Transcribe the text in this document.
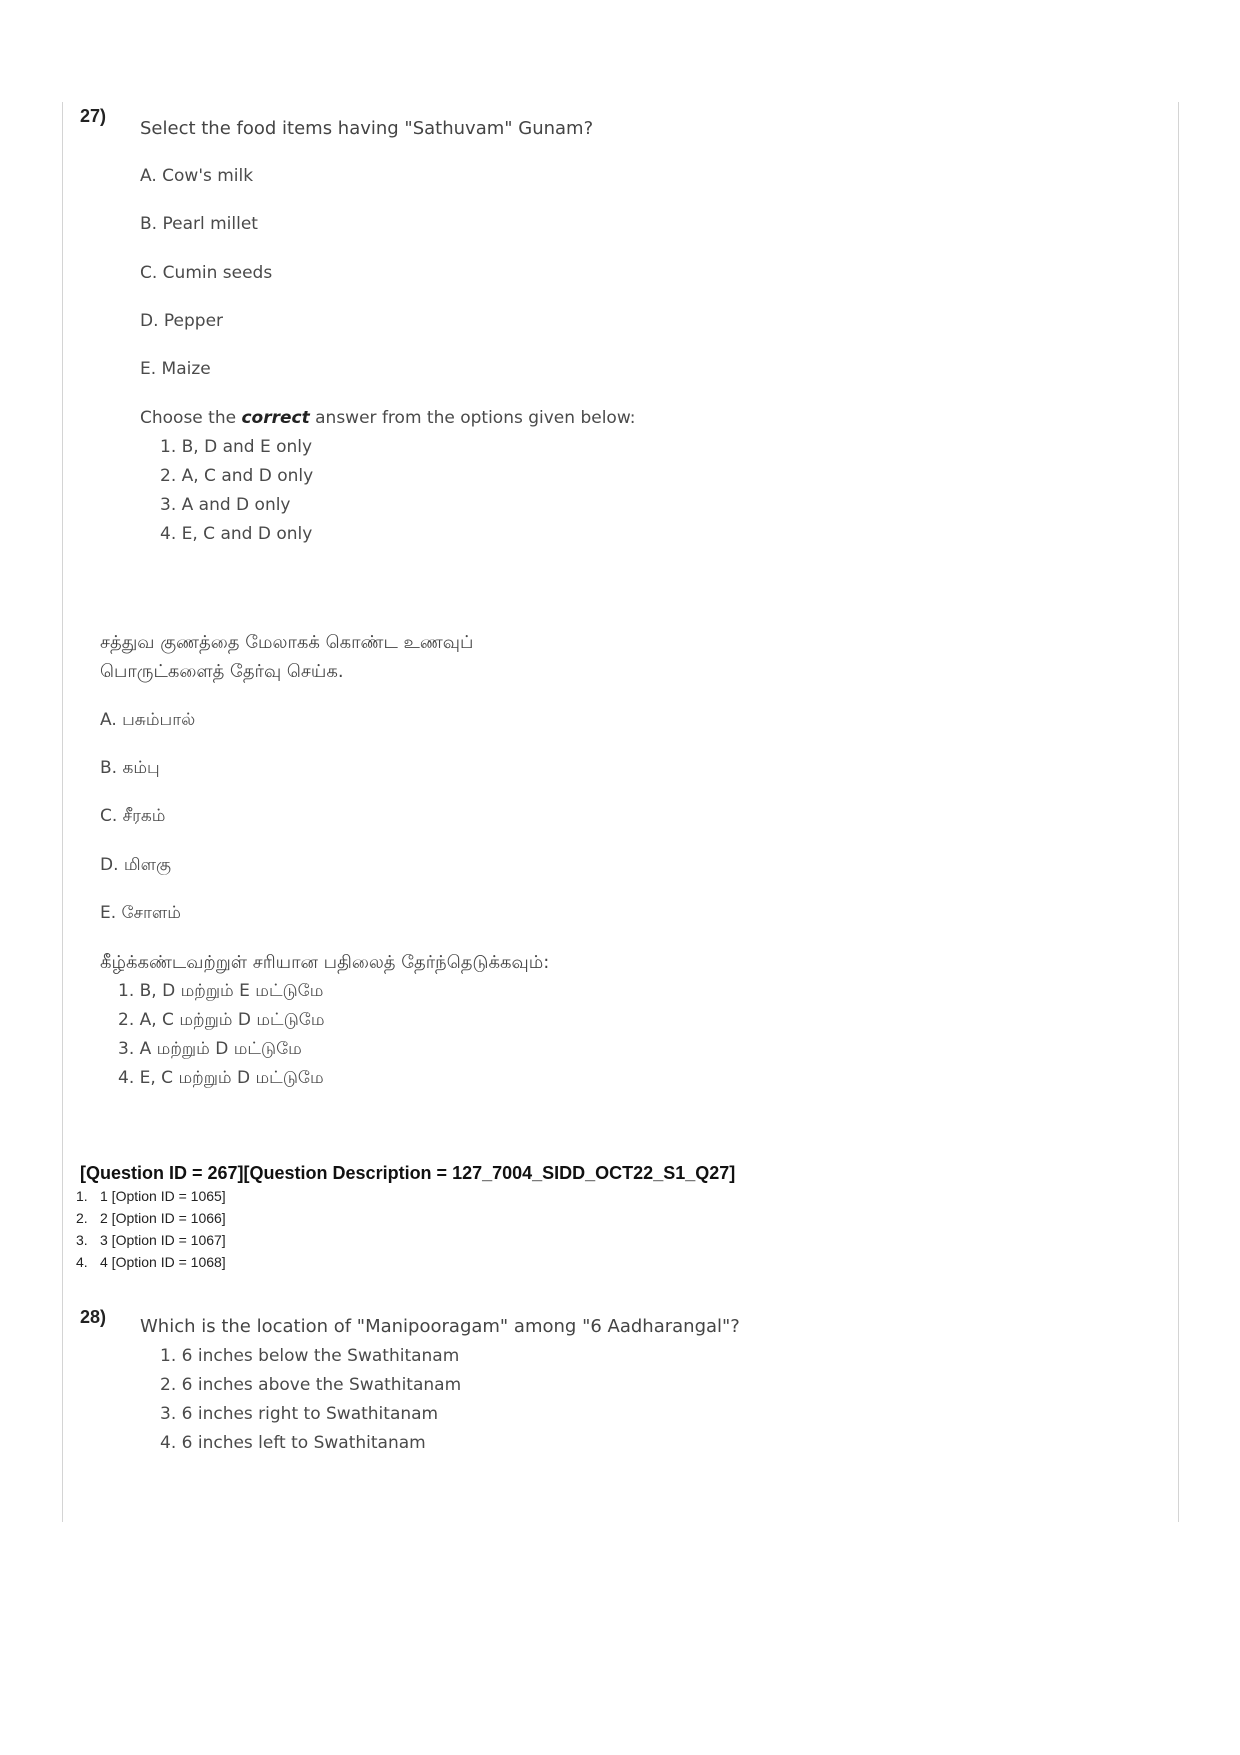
27)
Select the food items having "Sathuvam" Gunam?
A. Cow's milk
B. Pearl millet
C. Cumin seeds
D. Pepper
E. Maize
Choose the correct answer from the options given below:
1. B, D and E only
2. A, C and D only
3. A and D only
4. E, C and D only
சத்துவ குணத்தை மேலாகக் கொண்ட உணவுப்
பொருட்களைத் தேர்வு செய்க.
A. பசும்பால்
B. கம்பு
C. சீரகம்
D. மிளகு
E. சோளம்
கீழ்க்கண்டவற்றுள் சரியான பதிலைத் தேர்ந்தெடுக்கவும்:
1. B, D மற்றும் E மட்டுமே
2. A, C மற்றும் D மட்டுமே
3. A மற்றும் D மட்டுமே
4. E, C மற்றும் D மட்டுமே
[Question ID = 267][Question Description = 127_7004_SIDD_OCT22_S1_Q27]
1. 1 [Option ID = 1065]
2. 2 [Option ID = 1066]
3. 3 [Option ID = 1067]
4. 4 [Option ID = 1068]
28) Which is the location of "Manipooragam" among "6 Aadharangal"?
1. 6 inches below the Swathitanam
2. 6 inches above the Swathitanam
3. 6 inches right to Swathitanam
4. 6 inches left to Swathitanam
